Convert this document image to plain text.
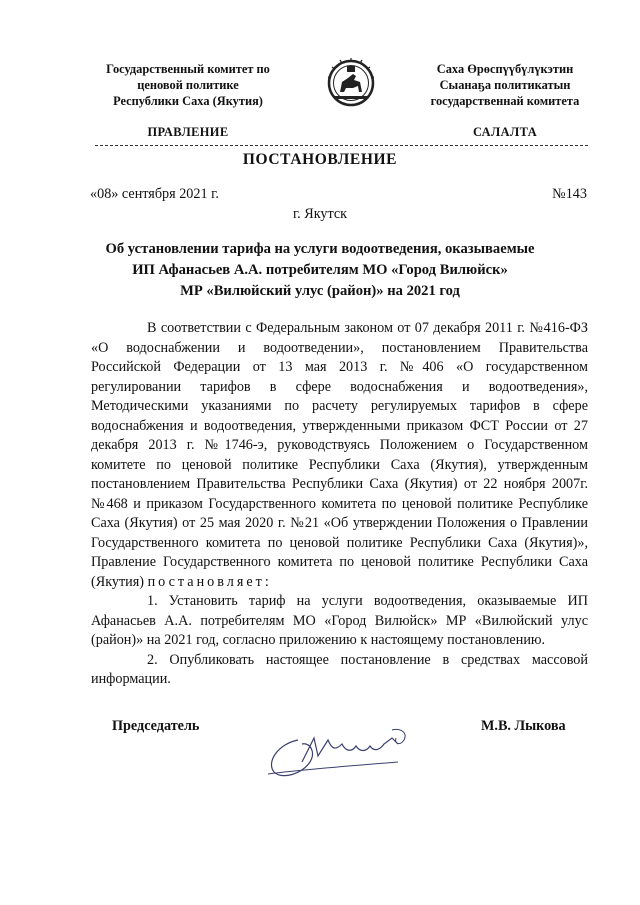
Государственный комитет по
ценовой политике
Республики Саха (Якутия)
Саха Өрөспүүбүлүкэтин
Сыанаҕа политикатын
государственнай комитета
ПРАВЛЕНИЕ	САЛАЛТА
ПОСТАНОВЛЕНИЕ
«08» сентября 2021 г.	№143
г. Якутск
Об установлении тарифа на услуги водоотведения, оказываемые
ИП Афанасьев А.А. потребителям МО «Город Вилюйск»
МР «Вилюйский улус (район)» на 2021 год

В соответствии с Федеральным законом от 07 декабря 2011 г. №416-ФЗ «О водоснабжении и водоотведении», постановлением Правительства Российской Федерации от 13 мая 2013 г. №406 «О государственном регулировании тарифов в сфере водоснабжения и водоотведения», Методическими указаниями по расчету регулируемых тарифов в сфере водоснабжения и водоотведения, утвержденными приказом ФСТ России от 27 декабря 2013 г. №1746-э, руководствуясь Положением о Государственном комитете по ценовой политике Республики Саха (Якутия), утвержденным постановлением Правительства Республики Саха (Якутия) от 22 ноября 2007г. №468 и приказом Государственного комитета по ценовой политике Республике Саха (Якутия) от 25 мая 2020 г. №21 «Об утверждении Положения о Правлении Государственного комитета по ценовой политике Республики Саха (Якутия)», Правление Государственного комитета по ценовой политике Республики Саха (Якутия) постановляет:

1. Установить тариф на услуги водоотведения, оказываемые ИП Афанасьев А.А. потребителям МО «Город Вилюйск» МР «Вилюйский улус (район)» на 2021 год, согласно приложению к настоящему постановлению.

2. Опубликовать настоящее постановление в средствах массовой информации.

Председатель	М.В. Лыкова
